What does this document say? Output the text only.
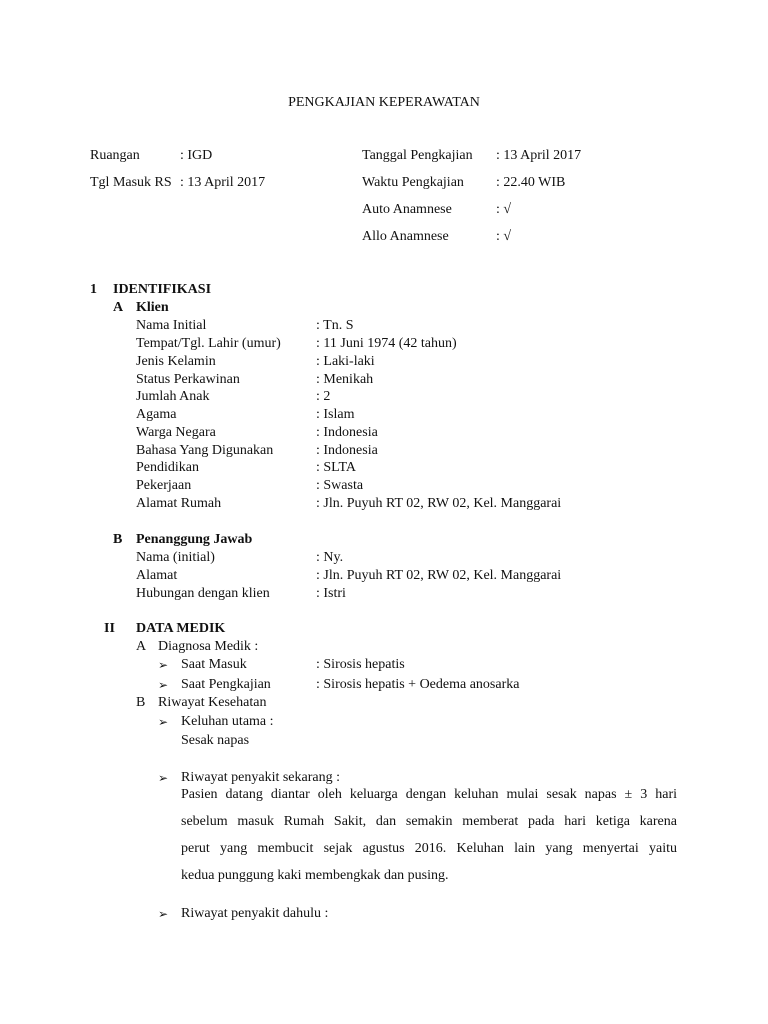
PENGKAJIAN KEPERAWATAN
Ruangan	: IGD
Tgl Masuk RS : 13 April 2017
Tanggal Pengkajian : 13 April 2017
Waktu Pengkajian : 22.40 WIB
Auto Anamnese	: √
Allo Anamnese	: √
1 IDENTIFIKASI
A Klien
Nama Initial	: Tn. S
Tempat/Tgl. Lahir (umur)	: 11 Juni 1974 (42 tahun)
Jenis Kelamin	: Laki-laki
Status Perkawinan	: Menikah
Jumlah Anak	: 2
Agama	: Islam
Warga Negara	: Indonesia
Bahasa Yang Digunakan	: Indonesia
Pendidikan	: SLTA
Pekerjaan	: Swasta
Alamat Rumah	: Jln. Puyuh RT 02, RW 02, Kel. Manggarai
B Penanggung Jawab
Nama (initial)	: Ny.
Alamat	: Jln. Puyuh RT 02, RW 02, Kel. Manggarai
Hubungan dengan klien	: Istri
II DATA MEDIK
A Diagnosa Medik :
➢ Saat Masuk	: Sirosis hepatis
➢ Saat Pengkajian	: Sirosis hepatis + Oedema anosarka
B Riwayat Kesehatan
➢ Keluhan utama :
Sesak napas
➢ Riwayat penyakit sekarang :
Pasien datang diantar oleh keluarga dengan keluhan mulai sesak napas ± 3 hari
sebelum masuk Rumah Sakit, dan semakin memberat pada hari ketiga karena
perut yang membucit sejak agustus 2016. Keluhan lain yang menyertai yaitu
kedua punggung kaki membengkak dan pusing.
➢ Riwayat penyakit dahulu :
